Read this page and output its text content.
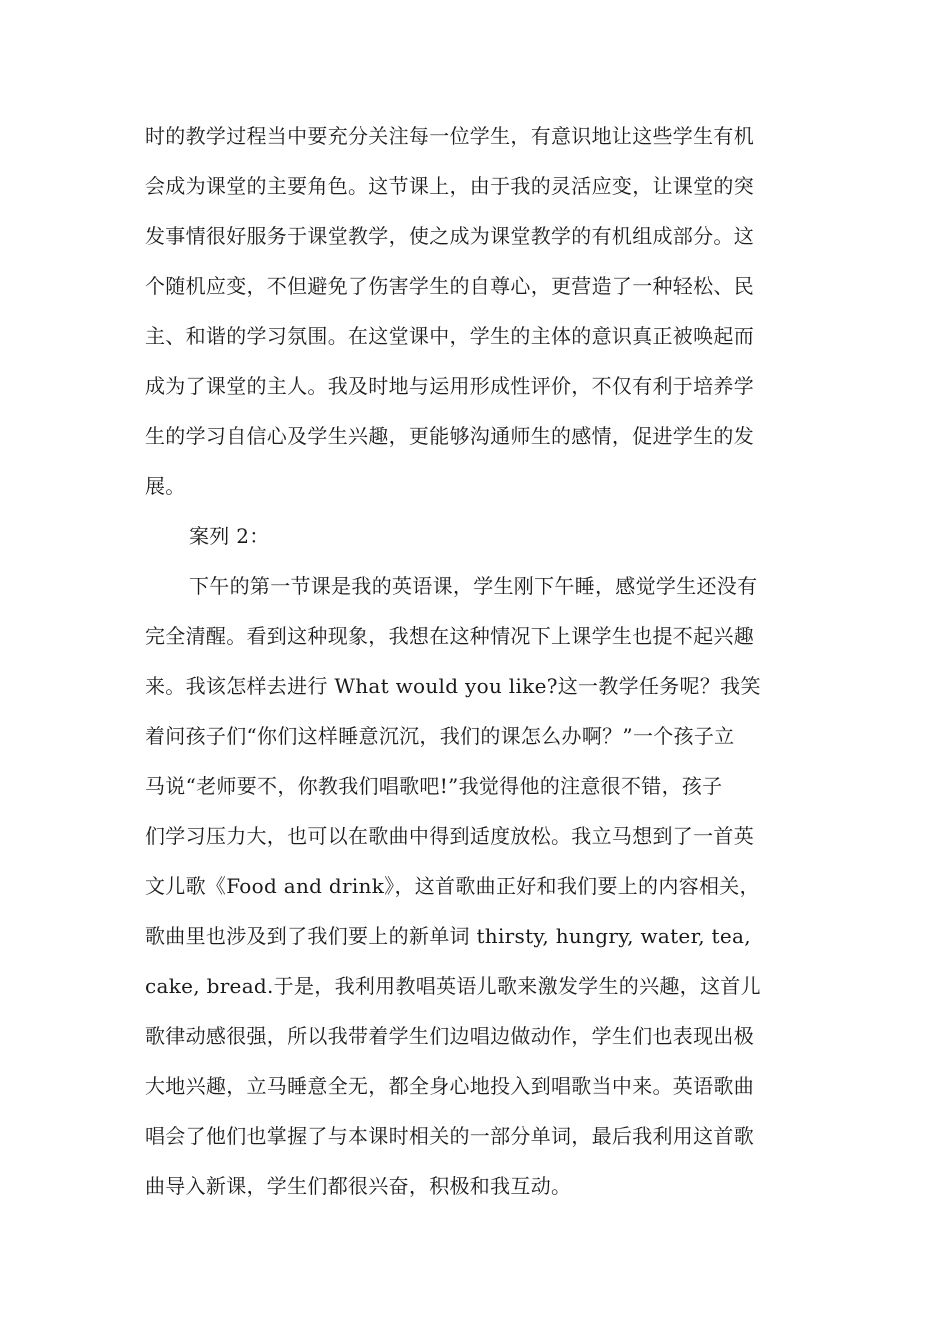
时的教学过程当中要充分关注每一位学生，有意识地让这些学生有机
会成为课堂的主要角色。这节课上，由于我的灵活应变，让课堂的突
发事情很好服务于课堂教学，使之成为课堂教学的有机组成部分。这
个随机应变，不但避免了伤害学生的自尊心，更营造了一种轻松、民
主、和谐的学习氛围。在这堂课中，学生的主体的意识真正被唤起而
成为了课堂的主人。我及时地与运用形成性评价，不仅有利于培养学
生的学习自信心及学生兴趣，更能够沟通师生的感情，促进学生的发
展。
案列 2：
下午的第一节课是我的英语课，学生刚下午睡，感觉学生还没有
完全清醒。看到这种现象，我想在这种情况下上课学生也提不起兴趣
来。我该怎样去进行 What would you like?这一教学任务呢？我笑
着问孩子们“你们这样睡意沉沉，我们的课怎么办啊？”一个孩子立
马说“老师要不，你教我们唱歌吧!”我觉得他的注意很不错，孩子
们学习压力大，也可以在歌曲中得到适度放松。我立马想到了一首英
文儿歌《Food and drink》，这首歌曲正好和我们要上的内容相关，
歌曲里也涉及到了我们要上的新单词 thirsty, hungry, water, tea,
cake, bread.于是，我利用教唱英语儿歌来激发学生的兴趣，这首儿
歌律动感很强，所以我带着学生们边唱边做动作，学生们也表现出极
大地兴趣，立马睡意全无，都全身心地投入到唱歌当中来。英语歌曲
唱会了他们也掌握了与本课时相关的一部分单词，最后我利用这首歌
曲导入新课，学生们都很兴奋，积极和我互动。
